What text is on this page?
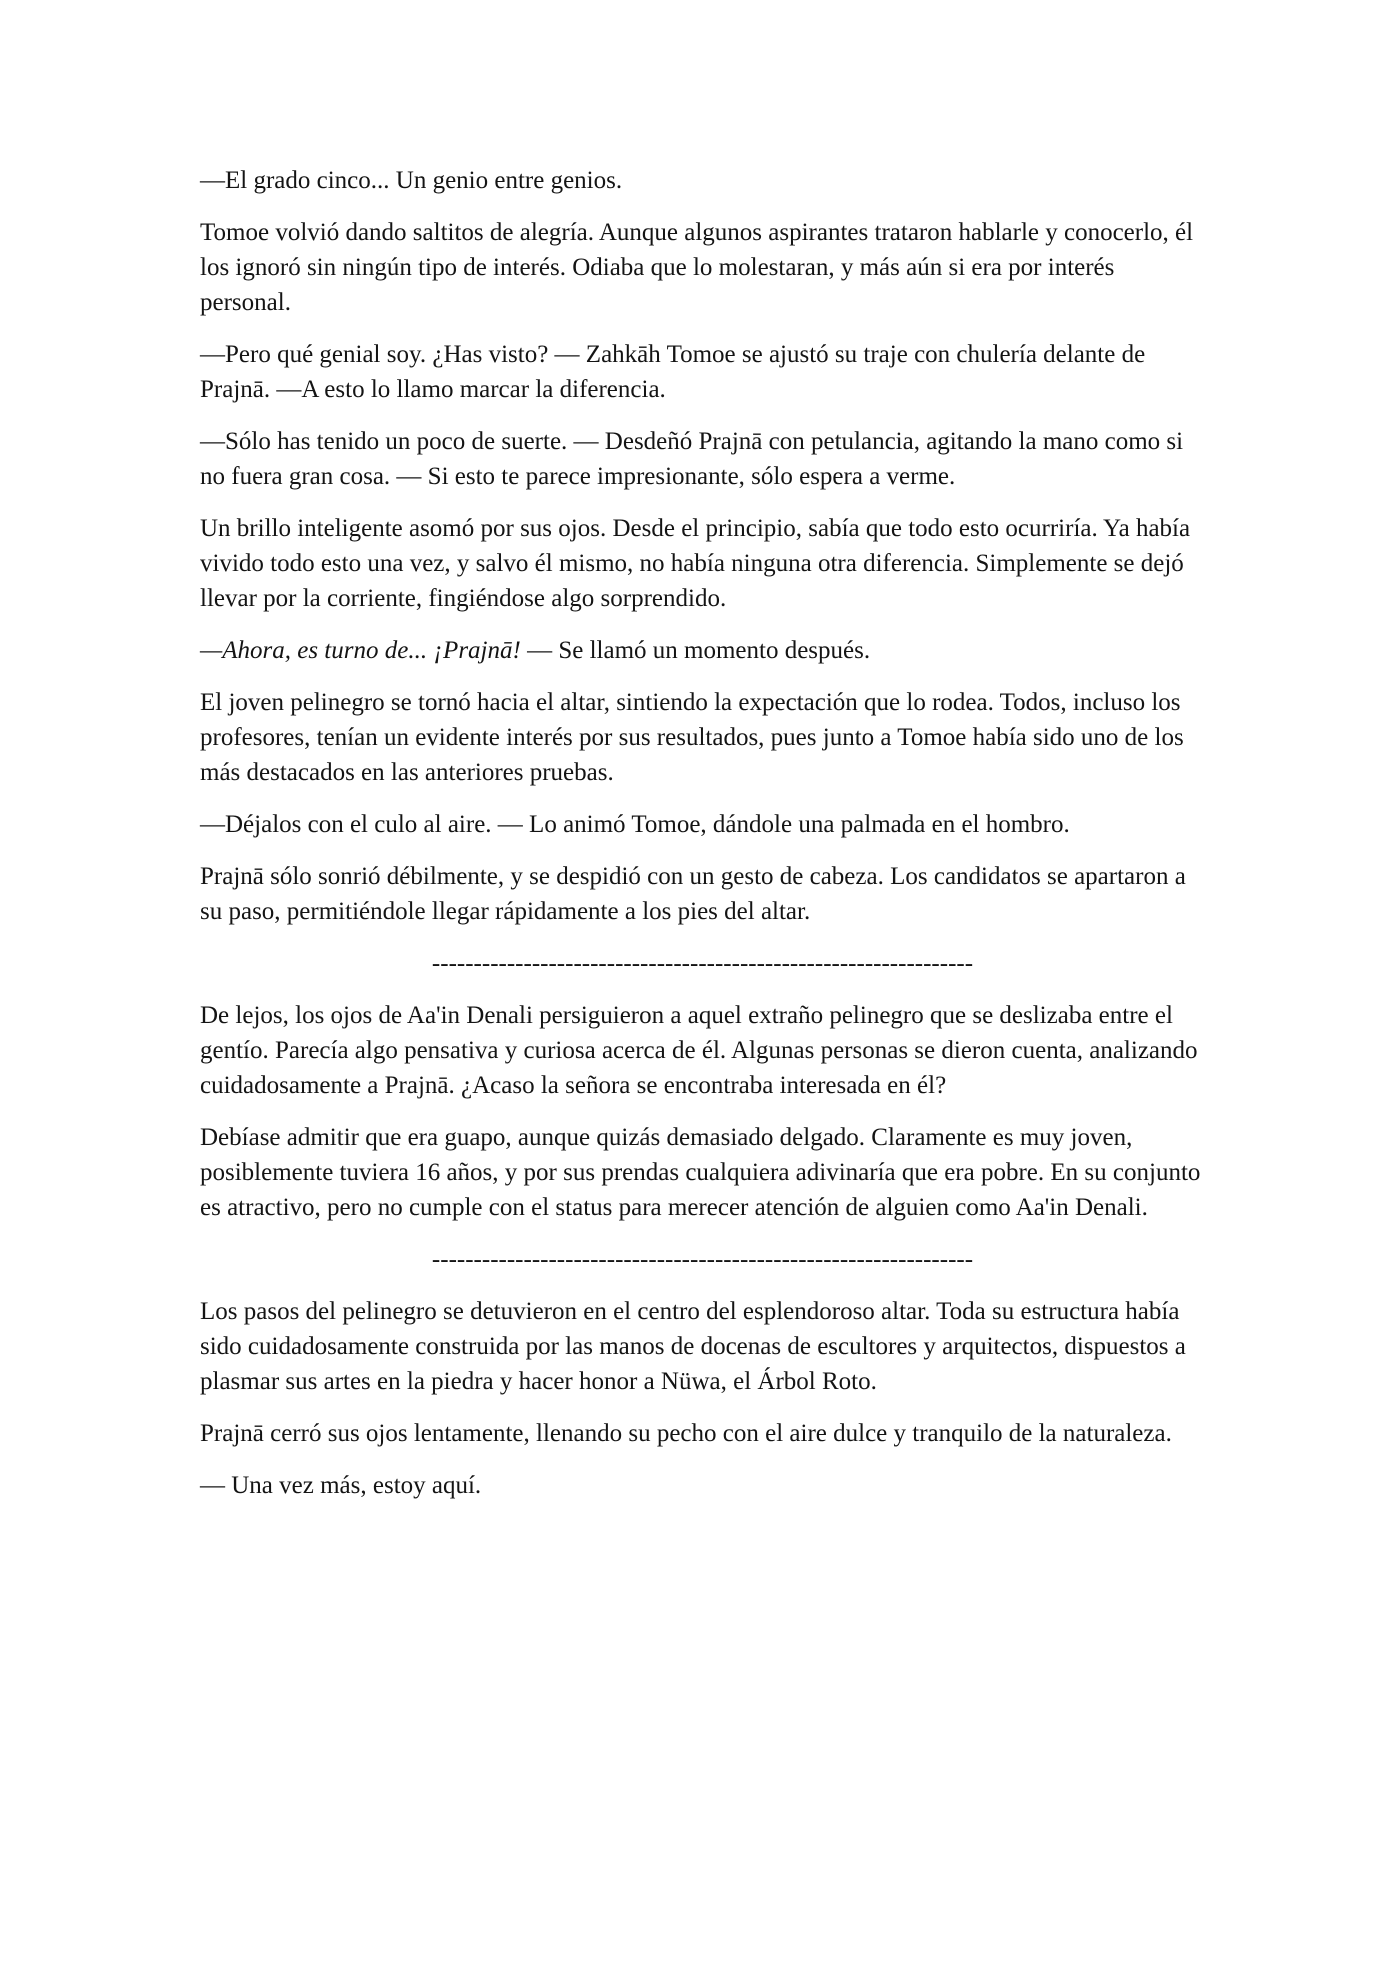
—El grado cinco... Un genio entre genios.

Tomoe volvió dando saltitos de alegría. Aunque algunos aspirantes trataron hablarle y conocerlo, él los ignoró sin ningún tipo de interés. Odiaba que lo molestaran, y más aún si era por interés personal.

—Pero qué genial soy. ¿Has visto? — Zahkāh Tomoe se ajustó su traje con chulería delante de Prajnā. —A esto lo llamo marcar la diferencia.

—Sólo has tenido un poco de suerte. — Desdeñó Prajnā con petulancia, agitando la mano como si no fuera gran cosa. — Si esto te parece impresionante, sólo espera a verme.

Un brillo inteligente asomó por sus ojos. Desde el principio, sabía que todo esto ocurriría. Ya había vivido todo esto una vez, y salvo él mismo, no había ninguna otra diferencia. Simplemente se dejó llevar por la corriente, fingiéndose algo sorprendido.

—Ahora, es turno de... ¡Prajnā! — Se llamó un momento después.

El joven pelinegro se tornó hacia el altar, sintiendo la expectación que lo rodea. Todos, incluso los profesores, tenían un evidente interés por sus resultados, pues junto a Tomoe había sido uno de los más destacados en las anteriores pruebas.

—Déjalos con el culo al aire. — Lo animó Tomoe, dándole una palmada en el hombro.

Prajnā sólo sonrió débilmente, y se despidió con un gesto de cabeza. Los candidatos se apartaron a su paso, permitiéndole llegar rápidamente a los pies del altar.

-----------------------------------------------------------------

De lejos, los ojos de Aa'in Denali persiguieron a aquel extraño pelinegro que se deslizaba entre el gentío. Parecía algo pensativa y curiosa acerca de él. Algunas personas se dieron cuenta, analizando cuidadosamente a Prajnā. ¿Acaso la señora se encontraba interesada en él?

Debíase admitir que era guapo, aunque quizás demasiado delgado. Claramente es muy joven, posiblemente tuviera 16 años, y por sus prendas cualquiera adivinaría que era pobre. En su conjunto es atractivo, pero no cumple con el status para merecer atención de alguien como Aa'in Denali.

-----------------------------------------------------------------

Los pasos del pelinegro se detuvieron en el centro del esplendoroso altar. Toda su estructura había sido cuidadosamente construida por las manos de docenas de escultores y arquitectos, dispuestos a plasmar sus artes en la piedra y hacer honor a Nüwa, el Árbol Roto.

Prajnā cerró sus ojos lentamente, llenando su pecho con el aire dulce y tranquilo de la naturaleza.

— Una vez más, estoy aquí.
